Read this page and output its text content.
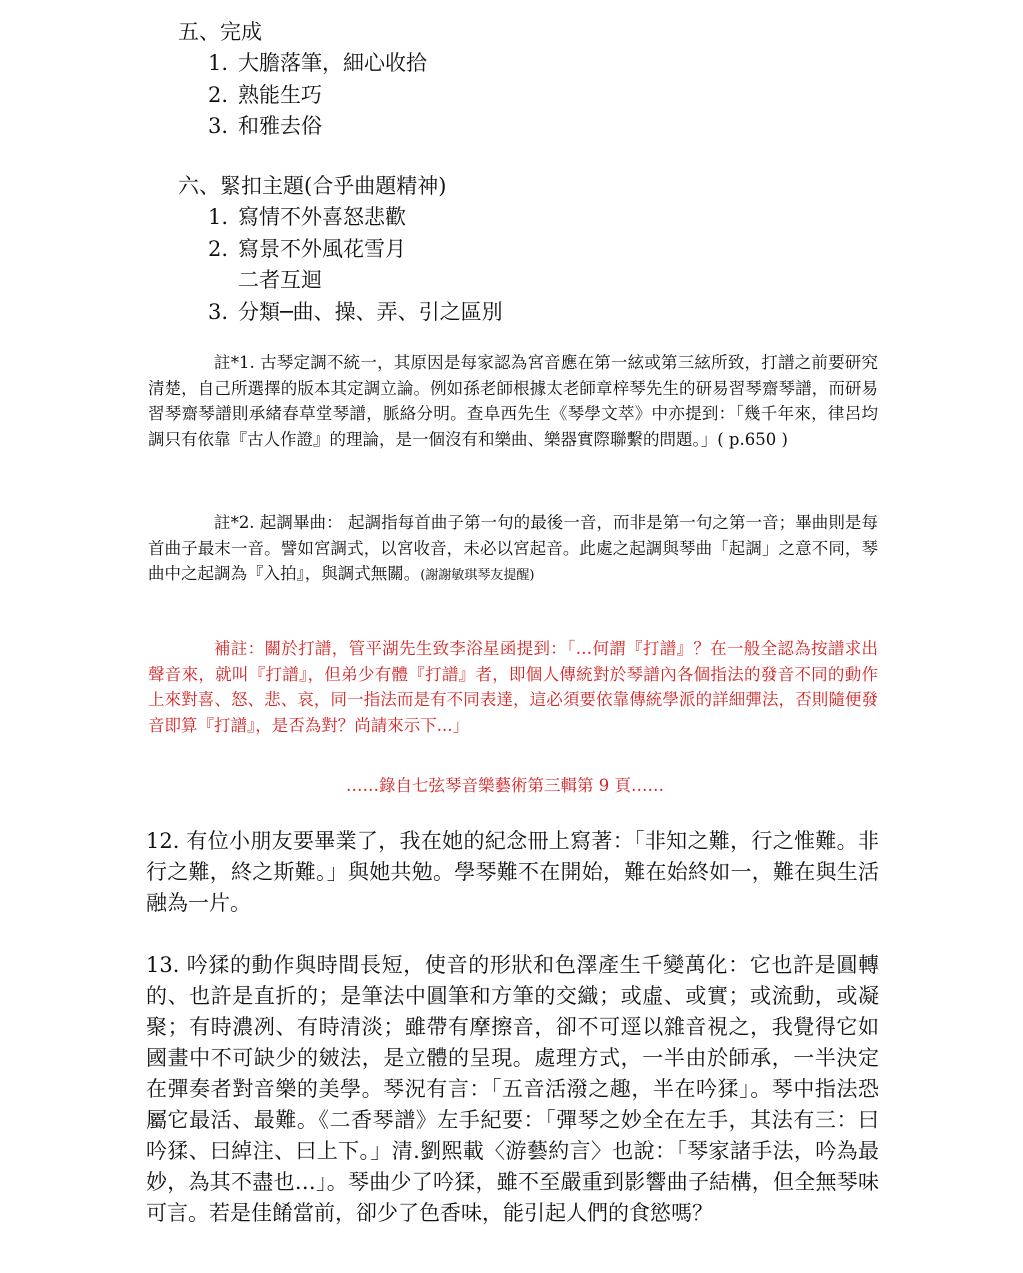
五、完成
1. 大膽落筆，細心收拾
2. 熟能生巧
3. 和雅去俗
六、緊扣主題(合乎曲題精神)
1. 寫情不外喜怒悲歡
2. 寫景不外風花雪月
二者互迴
3. 分類─曲、操、弄、引之區別
註*1. 古琴定調不統一，其原因是每家認為宮音應在第一絃或第三絃所致，打譜之前要研究清楚，自己所選擇的版本其定調立論。例如孫老師根據太老師章梓琴先生的研易習琴齋琴譜，而研易習琴齋琴譜則承緒春草堂琴譜，脈絡分明。查阜西先生《琴學文萃》中亦提到：「幾千年來，律呂均調只有依靠『古人作證』的理論，是一個沒有和樂曲、樂器實際聯繫的問題。」( p.650 )
註*2. 起調畢曲： 起調指每首曲子第一句的最後一音，而非是第一句之第一音；畢曲則是每首曲子最末一音。譬如宮調式，以宮收音，未必以宮起音。此處之起調與琴曲「起調」之意不同，琴曲中之起調為『入拍』，與調式無關。(謝謝敏琪琴友提醒)
補註：關於打譜，管平湖先生致李浴星函提到：「…何謂『打譜』？在一般全認為按譜求出聲音來，就叫『打譜』，但弟少有體『打譜』者，即個人傳統對於琴譜內各個指法的發音不同的動作上來對喜、怒、悲、哀，同一指法而是有不同表達，這必須要依靠傳統學派的詳細彈法，否則隨便發音即算『打譜』，是否為對？尚請來示下...」
……錄自七弦琴音樂藝術第三輯第 9 頁……
12. 有位小朋友要畢業了，我在她的紀念冊上寫著：「非知之難，行之惟難。非行之難，終之斯難。」與她共勉。學琴難不在開始，難在始終如一，難在與生活融為一片。
13. 吟猱的動作與時間長短，使音的形狀和色澤產生千變萬化：它也許是圓轉的、也許是直折的；是筆法中圓筆和方筆的交織；或虛、或實；或流動，或凝聚；有時濃冽、有時清淡；雖帶有摩擦音，卻不可逕以雜音視之，我覺得它如國畫中不可缺少的皴法，是立體的呈現。處理方式，一半由於師承，一半決定在彈奏者對音樂的美學。琴況有言：「五音活潑之趣，半在吟猱」。琴中指法恐屬它最活、最難。《二香琴譜》左手紀要：「彈琴之妙全在左手，其法有三：曰吟猱、曰綽注、曰上下。」清.劉熙載〈游藝約言〉也說：「琴家諸手法，吟為最妙，為其不盡也…」。琴曲少了吟猱，雖不至嚴重到影響曲子結構，但全無琴味可言。若是佳餚當前，卻少了色香味，能引起人們的食慾嗎？
